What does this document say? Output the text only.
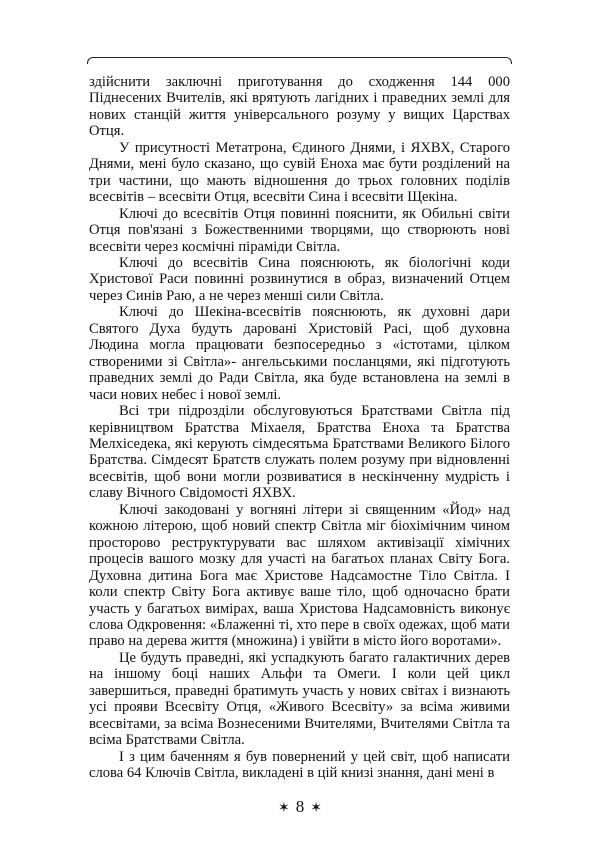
здійснити заключні приготування до сходження 144 000 Піднесених Вчителів, які врятують лагідних і праведних землі для нових станцій життя універсального розуму у вищих Царствах Отця.

У присутності Метатрона, Єдиного Днями, і ЯХВХ, Старого Днями, мені було сказано, що сувій Еноха має бути розділений на три частини, що мають відношення до трьох головних поділів всесвітів – всесвіти Отця, всесвіти Сина і всесвіти Щекіна.

Ключі до всесвітів Отця повинні пояснити, як Обильні світи Отця пов'язані з Божественними творцями, що створюють нові всесвіти через космічні піраміди Світла.

Ключі до всесвітів Сина пояснюють, як біологічні коди Христової Раси повинні розвинутися в образ, визначений Отцем через Синів Раю, а не через менші сили Світла.

Ключі до Шекіна-всесвітів пояснюють, як духовні дари Святого Духа будуть даровані Христовій Расі, щоб духовна Людина могла працювати безпосередньо з «істотами, цілком створеними зі Світла»- ангельськими посланцями, які підготують праведних землі до Ради Світла, яка буде встановлена на землі в часи нових небес і нової землі.

Всі три підрозділи обслуговуються Братствами Світла під керівництвом Братства Міхаеля, Братства Еноха та Братства Мелхіседека, які керують сімдесятьма Братствами Великого Білого Братства. Сімдесят Братств служать полем розуму при відновленні всесвітів, щоб вони могли розвиватися в нескінченну мудрість і славу Вічного Свідомості ЯХВХ.

Ключі закодовані у вогняні літери зі священним «Йод» над кожною літерою, щоб новий спектр Світла міг біохімічним чином просторово реструктурувати вас шляхом активізації хімічних процесів вашого мозку для участі на багатьох планах Світу Бога. Духовна дитина Бога має Христове Надсамостне Тіло Світла. І коли спектр Світу Бога активує ваше тіло, щоб одночасно брати участь у багатьох вимірах, ваша Христова Надсамовність виконує слова Одкровення: «Блаженні ті, хто пере в своїх одежах, щоб мати право на дерева життя (множина) і увійти в місто його воротами».

Це будуть праведні, які успадкують багато галактичних дерев на іншому боці наших Альфи та Омеги. І коли цей цикл завершиться, праведні братимуть участь у нових світах і визнають усі прояви Всесвіту Отця, «Живого Всесвіту» за всіма живими всесвітами, за всіма Вознесеними Вчителями, Вчителями Світла та всіма Братствами Світла.

І з цим баченням я був повернений у цей світ, щоб написати слова 64 Ключів Світла, викладені в цій книзі знання, дані мені в

✶ 8 ✶
